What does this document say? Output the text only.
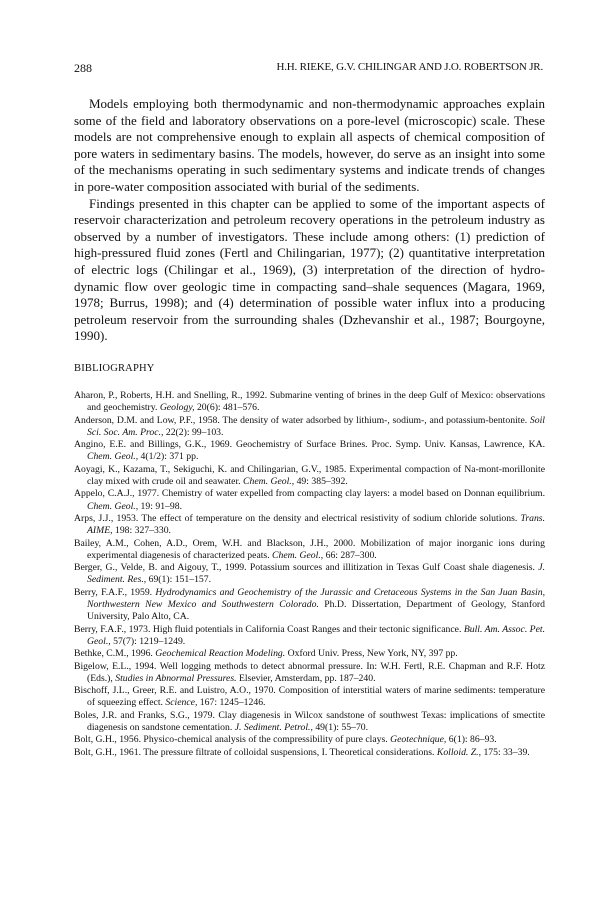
288	H.H. RIEKE, G.V. CHILINGAR AND J.O. ROBERTSON JR.

Models employing both thermodynamic and non-thermodynamic approaches explain some of the field and laboratory observations on a pore-level (microscopic) scale. These models are not comprehensive enough to explain all aspects of chemical composition of pore waters in sedimentary basins. The models, however, do serve as an insight into some of the mechanisms operating in such sedimentary systems and indicate trends of changes in pore-water composition associated with burial of the sediments.

Findings presented in this chapter can be applied to some of the important aspects of reservoir characterization and petroleum recovery operations in the petroleum industry as observed by a number of investigators. These include among others: (1) prediction of high-pressured fluid zones (Fertl and Chilingarian, 1977); (2) quantitative interpretation of electric logs (Chilingar et al., 1969), (3) interpretation of the direction of hydro-dynamic flow over geologic time in compacting sand–shale sequences (Magara, 1969, 1978; Burrus, 1998); and (4) determination of possible water influx into a producing petroleum reservoir from the surrounding shales (Dzhevanshir et al., 1987; Bourgoyne, 1990).

BIBLIOGRAPHY

Aharon, P., Roberts, H.H. and Snelling, R., 1992. Submarine venting of brines in the deep Gulf of Mexico: observations and geochemistry. Geology, 20(6): 481–576.

Anderson, D.M. and Low, P.F., 1958. The density of water adsorbed by lithium-, sodium-, and potassium-bentonite. Soil Sci. Soc. Am. Proc., 22(2): 99–103.

Angino, E.E. and Billings, G.K., 1969. Geochemistry of Surface Brines. Proc. Symp. Univ. Kansas, Lawrence, KA. Chem. Geol., 4(1/2): 371 pp.

Aoyagi, K., Kazama, T., Sekiguchi, K. and Chilingarian, G.V., 1985. Experimental compaction of Na-mont-morillonite clay mixed with crude oil and seawater. Chem. Geol., 49: 385–392.

Appelo, C.A.J., 1977. Chemistry of water expelled from compacting clay layers: a model based on Donnan equilibrium. Chem. Geol., 19: 91–98.

Arps, J.J., 1953. The effect of temperature on the density and electrical resistivity of sodium chloride solutions. Trans. AIME, 198: 327–330.

Bailey, A.M., Cohen, A.D., Orem, W.H. and Blackson, J.H., 2000. Mobilization of major inorganic ions during experimental diagenesis of characterized peats. Chem. Geol., 66: 287–300.

Berger, G., Velde, B. and Aigouy, T., 1999. Potassium sources and illitization in Texas Gulf Coast shale diagenesis. J. Sediment. Res., 69(1): 151–157.

Berry, F.A.F., 1959. Hydrodynamics and Geochemistry of the Jurassic and Cretaceous Systems in the San Juan Basin, Northwestern New Mexico and Southwestern Colorado. Ph.D. Dissertation, Department of Geology, Stanford University, Palo Alto, CA.

Berry, F.A.F., 1973. High fluid potentials in California Coast Ranges and their tectonic significance. Bull. Am. Assoc. Pet. Geol., 57(7): 1219–1249.

Bethke, C.M., 1996. Geochemical Reaction Modeling. Oxford Univ. Press, New York, NY, 397 pp.

Bigelow, E.L., 1994. Well logging methods to detect abnormal pressure. In: W.H. Fertl, R.E. Chapman and R.F. Hotz (Eds.), Studies in Abnormal Pressures. Elsevier, Amsterdam, pp. 187–240.

Bischoff, J.L., Greer, R.E. and Luistro, A.O., 1970. Composition of interstitial waters of marine sediments: temperature of squeezing effect. Science, 167: 1245–1246.

Boles, J.R. and Franks, S.G., 1979. Clay diagenesis in Wilcox sandstone of southwest Texas: implications of smectite diagenesis on sandstone cementation. J. Sediment. Petrol., 49(1): 55–70.

Bolt, G.H., 1956. Physico-chemical analysis of the compressibility of pure clays. Geotechnique, 6(1): 86–93.

Bolt, G.H., 1961. The pressure filtrate of colloidal suspensions, I. Theoretical considerations. Kolloid. Z., 175: 33–39.
